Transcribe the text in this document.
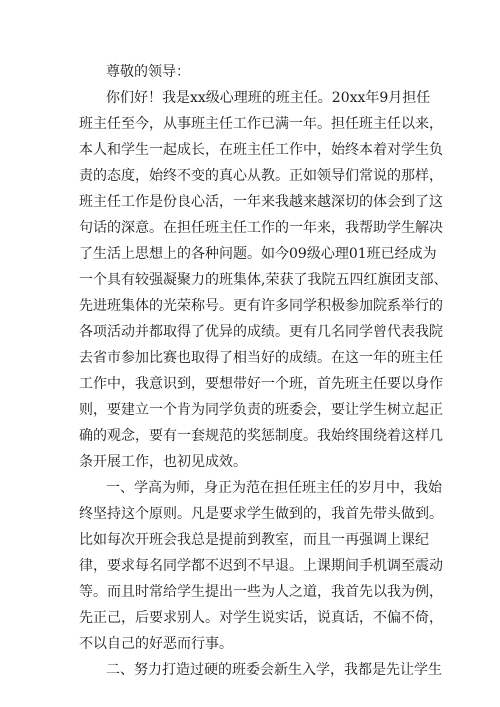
尊敬的领导：

你们好！我是xx级心理班的班主任。20xx年9月担任

班主任至今，从事班主任工作已满一年。担任班主任以来，

本人和学生一起成长，在班主任工作中，始终本着对学生负

责的态度，始终不变的真心从教。正如领导们常说的那样，

班主任工作是份良心活，一年来我越来越深切的体会到了这

句话的深意。在担任班主任工作的一年来，我帮助学生解决

了生活上思想上的各种问题。如今09级心理01班已经成为

一个具有较强凝聚力的班集体,荣获了我院五四红旗团支部、

先进班集体的光荣称号。更有许多同学积极参加院系举行的

各项活动并都取得了优异的成绩。更有几名同学曾代表我院

去省市参加比赛也取得了相当好的成绩。在这一年的班主任

工作中，我意识到，要想带好一个班，首先班主任要以身作

则，要建立一个肯为同学负责的班委会，要让学生树立起正

确的观念，要有一套规范的奖惩制度。我始终围绕着这样几

条开展工作，也初见成效。

一、学高为师，身正为范在担任班主任的岁月中，我始

终坚持这个原则。凡是要求学生做到的，我首先带头做到。

比如每次开班会我总是提前到教室，而且一再强调上课纪

律，要求每名同学都不迟到不早退。上课期间手机调至震动

等。而且时常给学生提出一些为人之道，我首先以我为例，

先正己，后要求别人。对学生说实话，说真话，不偏不倚，

不以自己的好恶而行事。

二、努力打造过硬的班委会新生入学，我都是先让学生
